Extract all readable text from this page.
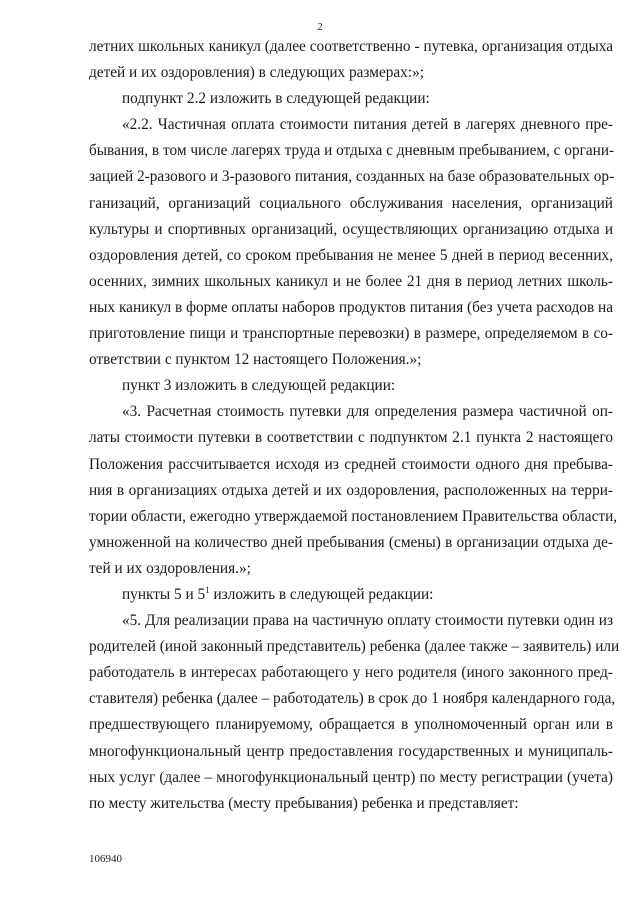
2

летних школьных каникул (далее соответственно - путевка, организация отдыха

детей и их оздоровления) в следующих размерах:»;

подпункт 2.2 изложить в следующей редакции:

«2.2. Частичная оплата стоимости питания детей в лагерях дневного пре-

бывания, в том числе лагерях труда и отдыха с дневным пребыванием, с органи-

зацией 2-разового и 3-разового питания, созданных на базе образовательных ор-

ганизаций, организаций социального обслуживания населения, организаций

культуры и спортивных организаций, осуществляющих организацию отдыха и

оздоровления детей, со сроком пребывания не менее 5 дней в период весенних,

осенних, зимних школьных каникул и не более 21 дня в период летних школь-

ных каникул в форме оплаты наборов продуктов питания (без учета расходов на

приготовление пищи и транспортные перевозки) в размере, определяемом в со-

ответствии с пунктом 12 настоящего Положения.»;

пункт 3 изложить в следующей редакции:

«3. Расчетная стоимость путевки для определения размера частичной оп-

латы стоимости путевки в соответствии с подпунктом 2.1 пункта 2 настоящего

Положения рассчитывается исходя из средней стоимости одного дня пребыва-

ния в организациях отдыха детей и их оздоровления, расположенных на терри-

тории области, ежегодно утверждаемой постановлением Правительства области,

умноженной на количество дней пребывания (смены) в организации отдыха де-

тей и их оздоровления.»;

пункты 5 и $5^1$ изложить в следующей редакции:

«5. Для реализации права на частичную оплату стоимости путевки один из

родителей (иной законный представитель) ребенка (далее также – заявитель) или

работодатель в интересах работающего у него родителя (иного законного пред-

ставителя) ребенка (далее – работодатель) в срок до 1 ноября календарного года,

предшествующего планируемому, обращается в уполномоченный орган или в

многофункциональный центр предоставления государственных и муниципаль-

ных услуг (далее – многофункциональный центр) по месту регистрации (учета)

по месту жительства (месту пребывания) ребенка и представляет:

106940
